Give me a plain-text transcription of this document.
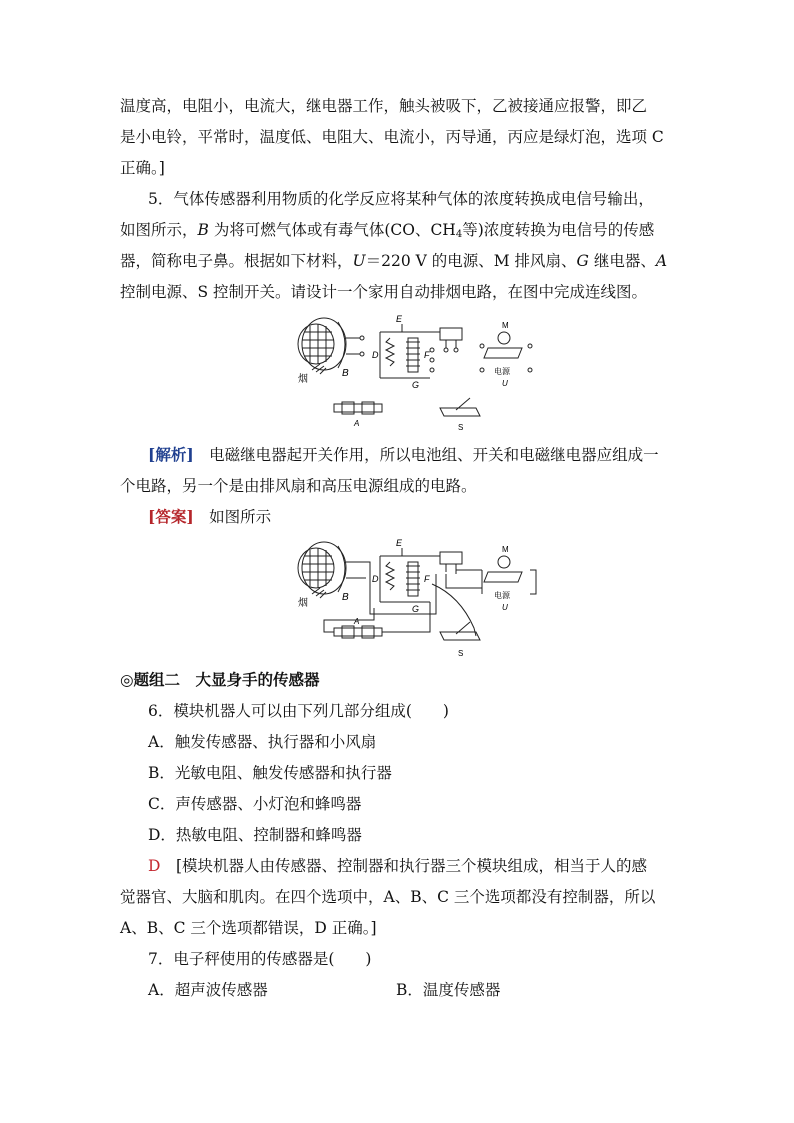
温度高，电阻小，电流大，继电器工作，触头被吸下，乙被接通应报警，即乙
是小电铃，平常时，温度低、电阻大、电流小，丙导通，丙应是绿灯泡，选项 C
正确。]
5．气体传感器利用物质的化学反应将某种气体的浓度转换成电信号输出，
如图所示，B 为将可燃气体或有毒气体(CO、$CH_4$等)浓度转换为电信号的传感
器，简称电子鼻。根据如下材料，U＝220 V 的电源、M 排风扇、G 继电器、A
控制电源、S 控制开关。请设计一个家用自动排烟电路，在图中完成连线图。
烟
B
E
D	F
G
M
电源
U
A	S
[解析]　电磁继电器起开关作用，所以电池组、开关和电磁继电器应组成一
个电路，另一个是由排风扇和高压电源组成的电路。
[答案]　如图所示
烟
B
E
D	F
G
M
电源
U
A
S
◎题组二　大显身手的传感器
6．模块机器人可以由下列几部分组成(　　)
A．触发传感器、执行器和小风扇
B．光敏电阻、触发传感器和执行器
C．声传感器、小灯泡和蜂鸣器
D．热敏电阻、控制器和蜂鸣器
D　[模块机器人由传感器、控制器和执行器三个模块组成，相当于人的感
觉器官、大脑和肌肉。在四个选项中，A、B、C 三个选项都没有控制器，所以
A、B、C 三个选项都错误，D 正确。]
7．电子秤使用的传感器是(　　)
A．超声波传感器	B．温度传感器
